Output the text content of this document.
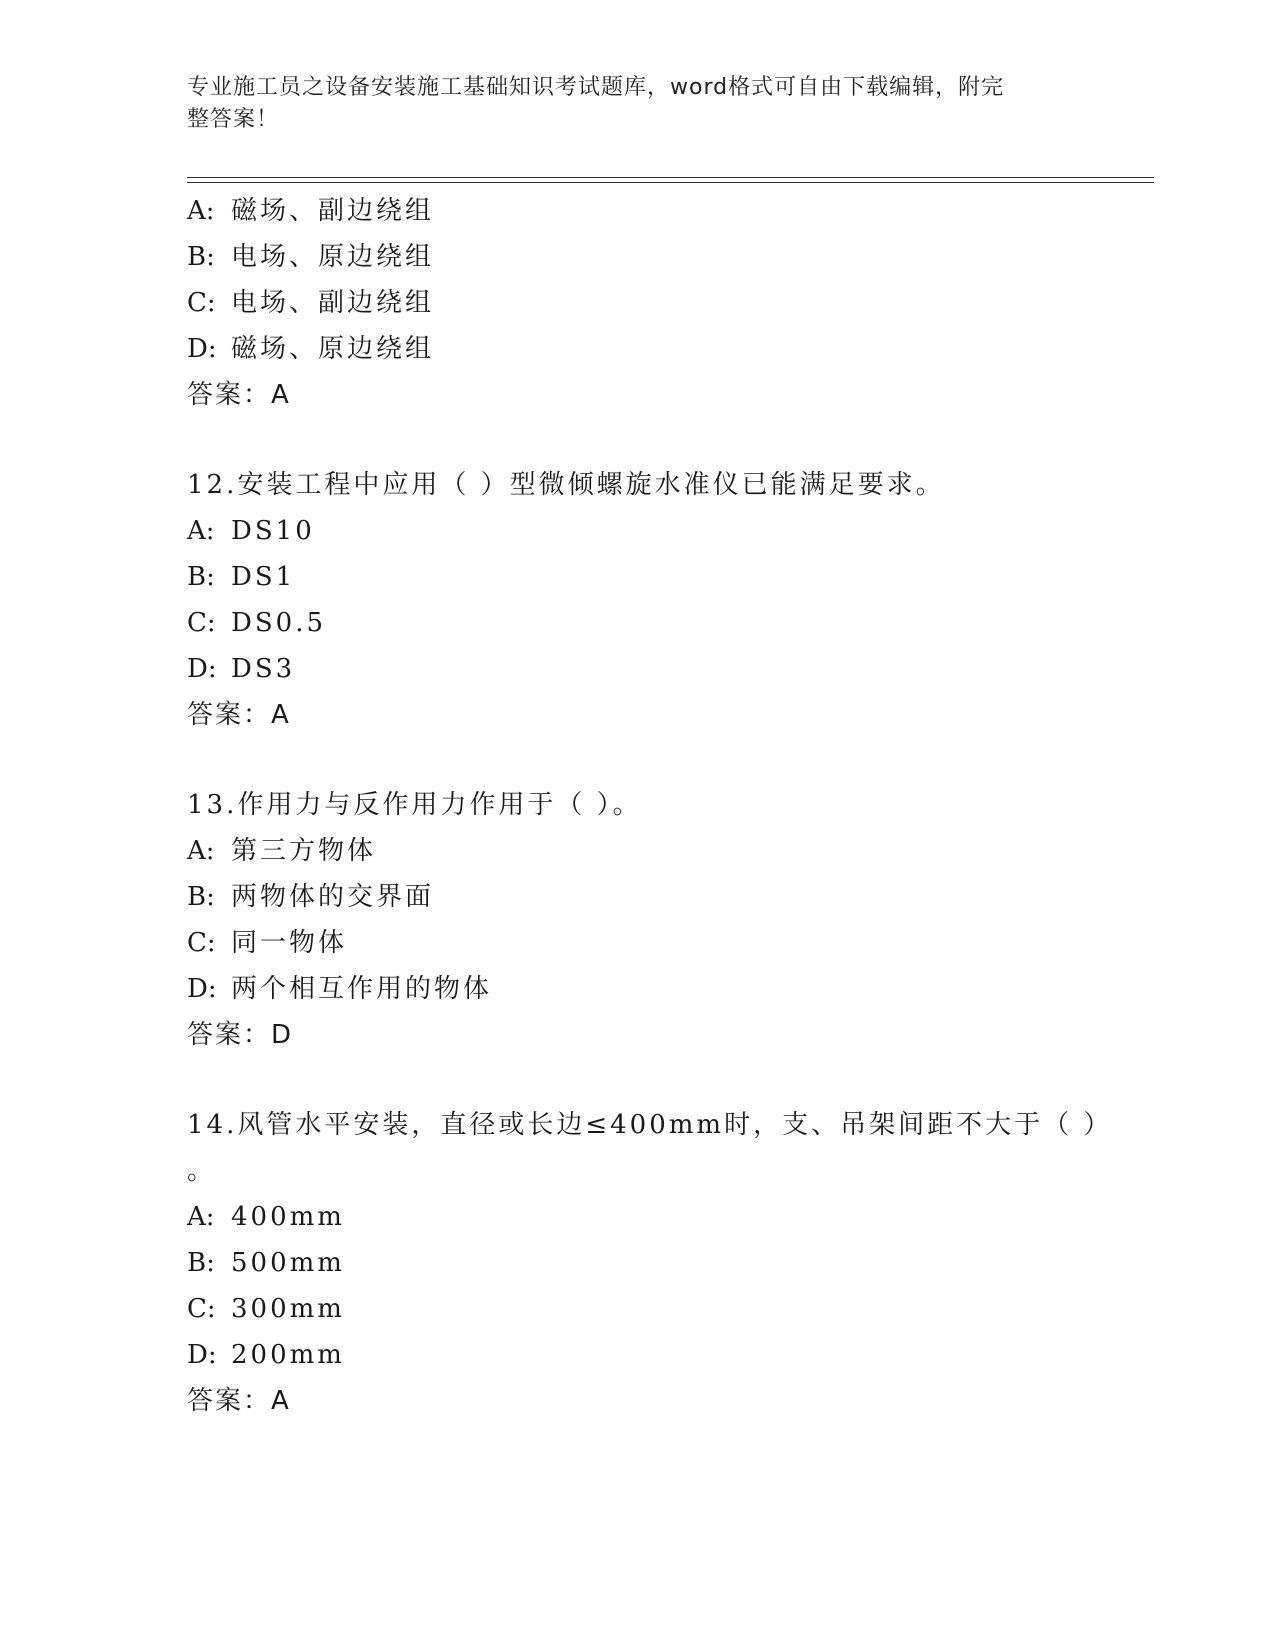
专业施工员之设备安装施工基础知识考试题库，word格式可自由下载编辑，附完
整答案！
A: 磁场、副边绕组
B: 电场、原边绕组
C: 电场、副边绕组
D: 磁场、原边绕组
答案：A
12.安装工程中应用（ ）型微倾螺旋水准仪已能满足要求。
A: DS10
B: DS1
C: DS0.5
D: DS3
答案：A
13.作用力与反作用力作用于（ ）。
A: 第三方物体
B: 两物体的交界面
C: 同一物体
D: 两个相互作用的物体
答案：D
14.风管水平安装，直径或长边≤400mm时，支、吊架间距不大于（ ）
。
A: 400mm
B: 500mm
C: 300mm
D: 200mm
答案：A
